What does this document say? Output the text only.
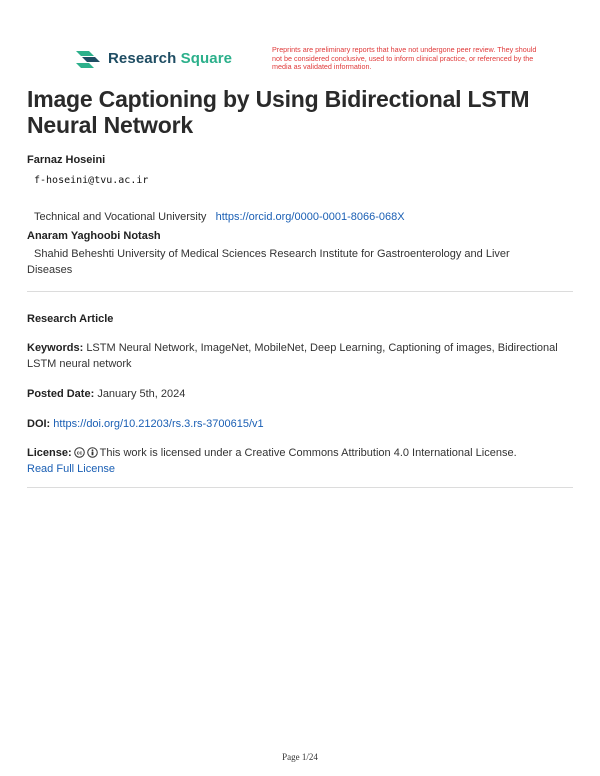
Research Square	Preprints are preliminary reports that have not undergone peer review. They should not be considered conclusive, used to inform clinical practice, or referenced by the media as validated information.
Image Captioning by Using Bidirectional LSTM Neural Network
Farnaz Hoseini
f-hoseini@tvu.ac.ir
Technical and Vocational University https://orcid.org/0000-0001-8066-068X
Anaram Yaghoobi Notash
Shahid Beheshti University of Medical Sciences Research Institute for Gastroenterology and Liver Diseases
Research Article
Keywords: LSTM Neural Network, ImageNet, MobileNet, Deep Learning, Captioning of images, Bidirectional LSTM neural network
Posted Date: January 5th, 2024
DOI: https://doi.org/10.21203/rs.3.rs-3700615/v1
License: cc This work is licensed under a Creative Commons Attribution 4.0 International License.
Read Full License
Page 1/24
